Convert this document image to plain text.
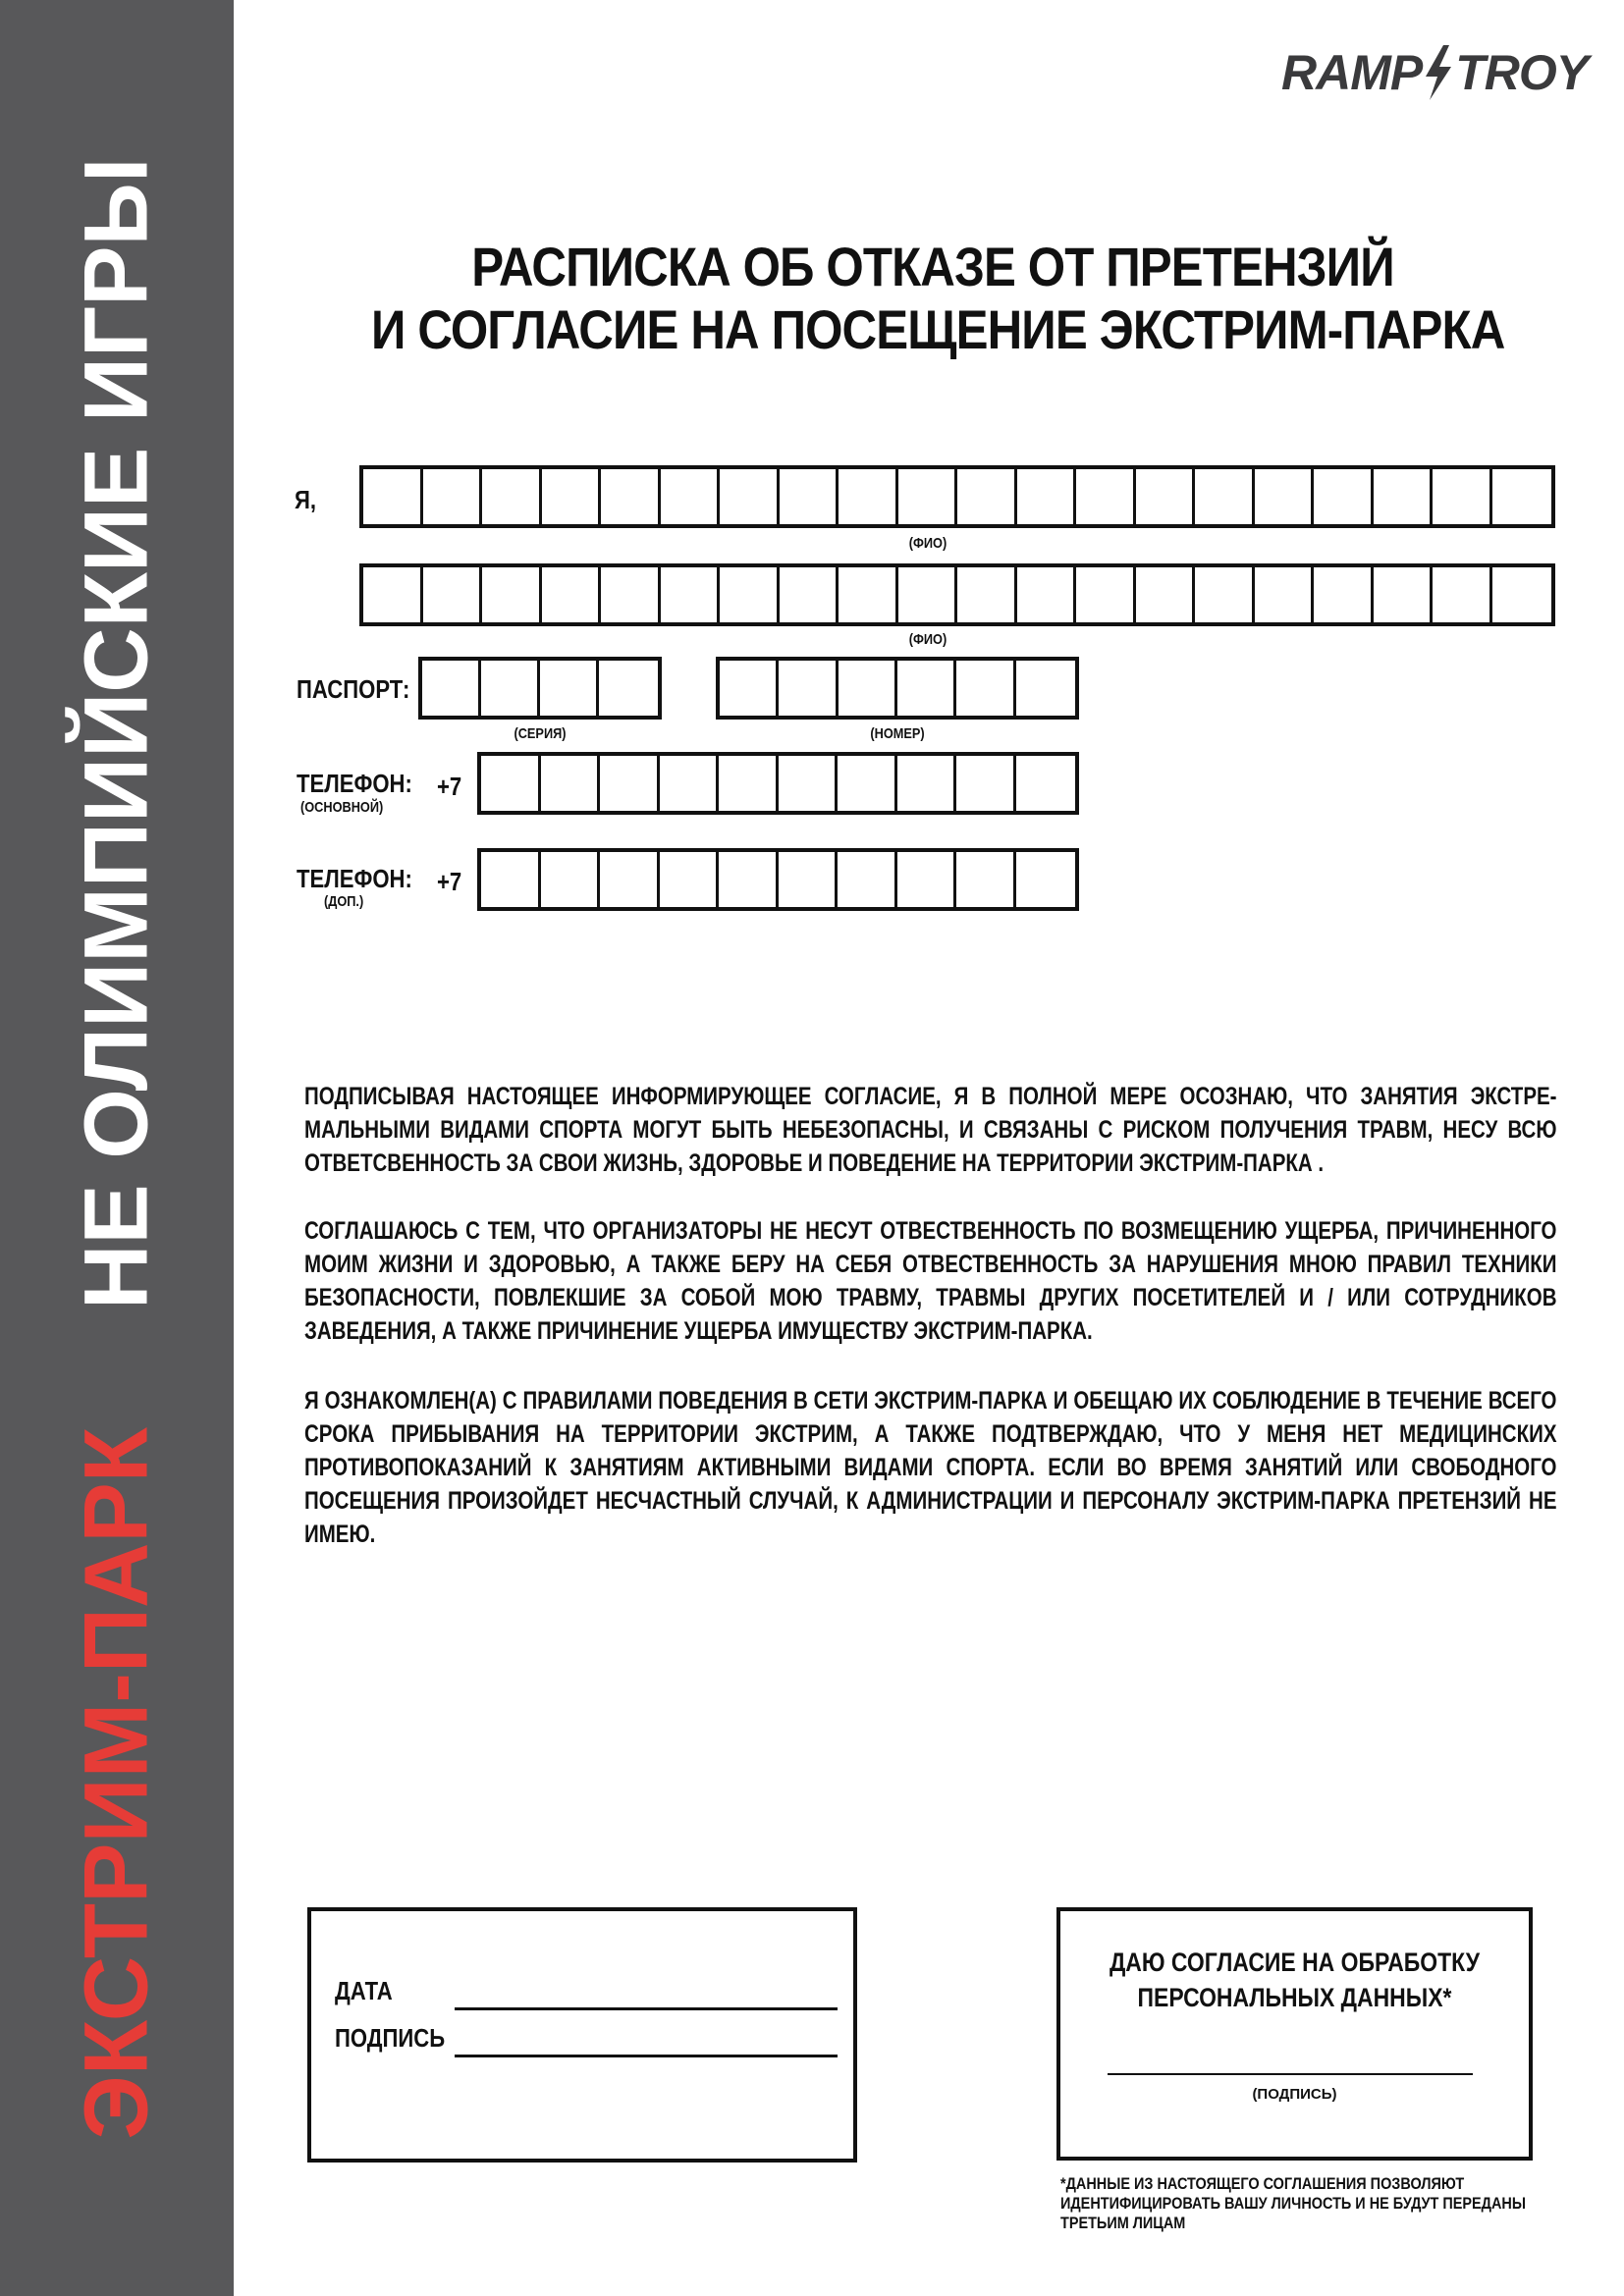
ЭКСТРИМ-ПАРКНЕ ОЛИМПИЙСКИЕ ИГРЫ
RAMP TROY
РАСПИСКА ОБ ОТКАЗЕ ОТ ПРЕТЕНЗИЙ
И СОГЛАСИЕ НА ПОСЕЩЕНИЕ ЭКСТРИМ-ПАРКА
Я,
(ФИО)
(ФИО)
ПАСПОРТ:
(СЕРИЯ)	(НОМЕР)
ТЕЛЕФОН:
(ОСНОВНОЙ)
+7
ТЕЛЕФОН:
(ДОП.)
+7
ПОДПИСЫВАЯ НАСТОЯЩЕЕ ИНФОРМИРУЮЩЕЕ СОГЛАСИЕ, Я В ПОЛНОЙ МЕРЕ ОСОЗНАЮ, ЧТО ЗАНЯТИЯ ЭКСТРЕ-МАЛЬНЫМИ ВИДАМИ СПОРТА МОГУТ БЫТЬ НЕБЕЗОПАСНЫ, И СВЯЗАНЫ С РИСКОМ ПОЛУЧЕНИЯ ТРАВМ, НЕСУ ВСЮ ОТВЕТСВЕННОСТЬ ЗА СВОИ ЖИЗНЬ, ЗДОРОВЬЕ И ПОВЕДЕНИЕ НА ТЕРРИТОРИИ ЭКСТРИМ-ПАРКА .
СОГЛАШАЮСЬ С ТЕМ, ЧТО ОРГАНИЗАТОРЫ НЕ НЕСУТ ОТВЕСТВЕННОСТЬ ПО ВОЗМЕЩЕНИЮ УЩЕРБА, ПРИЧИНЕННОГО МОИМ ЖИЗНИ И ЗДОРОВЬЮ, А ТАКЖЕ БЕРУ НА СЕБЯ ОТВЕСТВЕННОСТЬ ЗА НАРУШЕНИЯ МНОЮ ПРАВИЛ ТЕХНИКИ БЕЗОПАСНОСТИ, ПОВЛЕКШИЕ ЗА СОБОЙ МОЮ ТРАВМУ, ТРАВМЫ ДРУГИХ ПОСЕТИТЕЛЕЙ И / ИЛИ СОТРУДНИКОВ ЗАВЕДЕНИЯ, А ТАКЖЕ ПРИЧИНЕНИЕ УЩЕРБА ИМУЩЕСТВУ ЭКСТРИМ-ПАРКА.
Я ОЗНАКОМЛЕН(А) С ПРАВИЛАМИ ПОВЕДЕНИЯ В СЕТИ ЭКСТРИМ-ПАРКА И ОБЕЩАЮ ИХ СОБЛЮДЕНИЕ В ТЕЧЕНИЕ ВСЕГО СРОКА ПРИБЫВАНИЯ НА ТЕРРИТОРИИ ЭКСТРИМ, А ТАКЖЕ ПОДТВЕРЖДАЮ, ЧТО У МЕНЯ НЕТ МЕДИЦИНСКИХ ПРОТИВОПОКАЗАНИЙ К ЗАНЯТИЯМ АКТИВНЫМИ ВИДАМИ СПОРТА. ЕСЛИ ВО ВРЕМЯ ЗАНЯТИЙ ИЛИ СВОБОДНОГО ПОСЕЩЕНИЯ ПРОИЗОЙДЕТ НЕСЧАСТНЫЙ СЛУЧАЙ, К АДМИНИСТРАЦИИ И ПЕРСОНАЛУ ЭКСТРИМ-ПАРКА ПРЕТЕНЗИЙ НЕ ИМЕЮ.
ДАТА
ПОДПИСЬ
ДАЮ СОГЛАСИЕ НА ОБРАБОТКУ
ПЕРСОНАЛЬНЫХ ДАННЫХ*
(ПОДПИСЬ)
*ДАННЫЕ ИЗ НАСТОЯЩЕГО СОГЛАШЕНИЯ ПОЗВОЛЯЮТ ИДЕНТИФИЦИРОВАТЬ ВАШУ ЛИЧНОСТЬ И НЕ БУДУТ ПЕРЕДАНЫ ТРЕТЬИМ ЛИЦАМ
